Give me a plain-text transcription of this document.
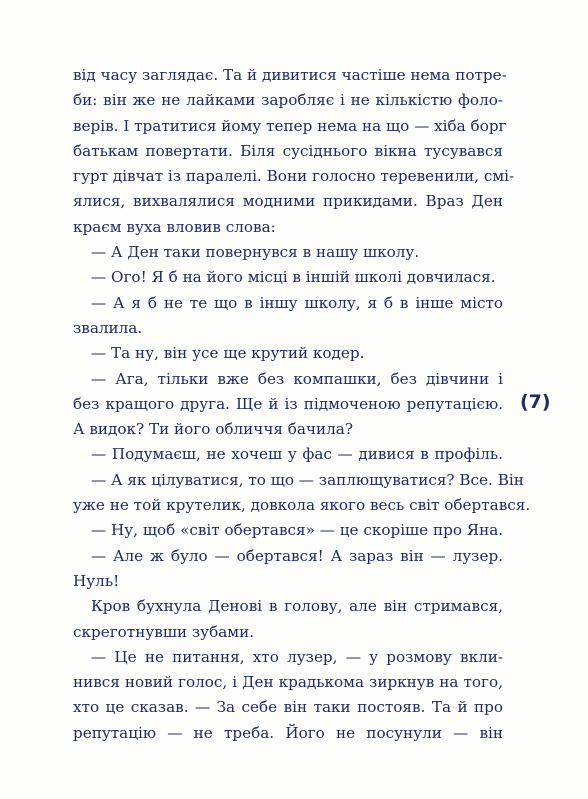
від часу заглядає. Та й дивитися частіше нема потре-
би: він же не лайками заробляє і не кількістю фоло-
верів. І тратитися йому тепер нема на що — хіба борг
батькам повертати. Біля сусіднього вікна тусувався
гурт дівчат із паралелі. Вони голосно теревенили, смі-
ялися, вихвалялися модними прикидами. Враз Ден
краєм вуха вловив слова:
— А Ден таки повернувся в нашу школу.
— Ого! Я б на його місці в іншій школі довчилася.
— А я б не те що в іншу школу, я б в інше місто
звалила.
— Та ну, він усе ще крутий кодер.
— Ага, тільки вже без компашки, без дівчини і
без кращого друга. Ще й із підмоченою репутацією.
А видок? Ти його обличчя бачила?
— Подумаєш, не хочеш у фас — дивися в профіль.
— А як цілуватися, то що — заплющуватися? Все. Він
уже не той крутелик, довкола якого весь світ обертався.
— Ну, щоб «світ обертався» — це скоріше про Яна.
— Але ж було — обертався! А зараз він — лузер.
Нуль!
Кров бухнула Денові в голову, але він стримався,
скреготнувши зубами.
— Це не питання, хто лузер, — у розмову вкли-
нився новий голос, і Ден крадькома зиркнув на того,
хто це сказав. — За себе він таки постояв. Та й про
репутацію — не треба. Його не посунули — він
(7)
